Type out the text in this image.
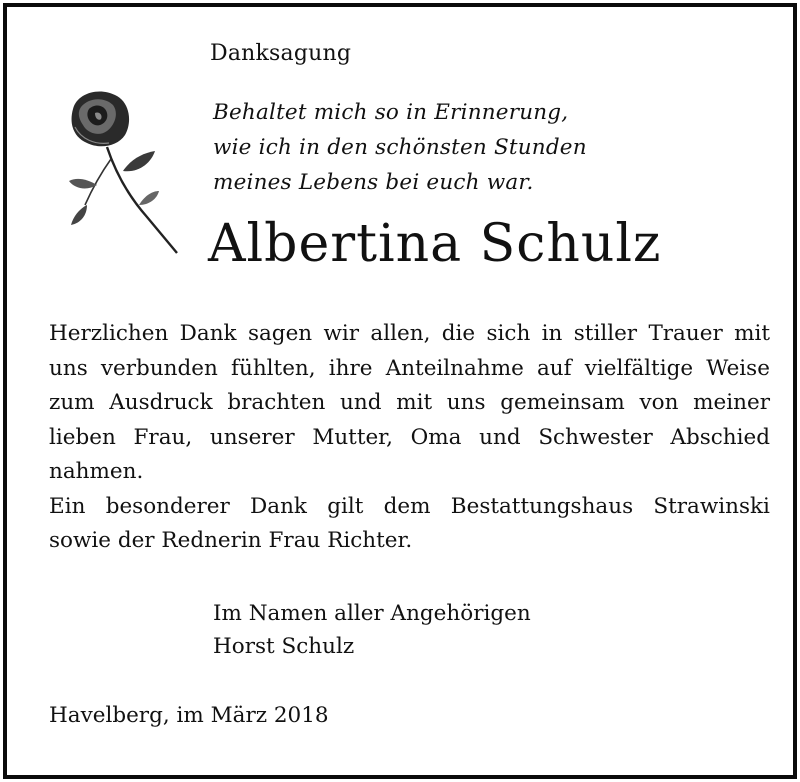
Danksagung
Behaltet mich so in Erinnerung,
wie ich in den schönsten Stunden
meines Lebens bei euch war.
Albertina Schulz
Herzlichen Dank sagen wir allen, die sich in stiller Trauer mit
uns verbunden fühlten, ihre Anteilnahme auf vielfältige Weise
zum Ausdruck brachten und mit uns gemeinsam von meiner
lieben Frau, unserer Mutter, Oma und Schwester Abschied
nahmen.
Ein besonderer Dank gilt dem Bestattungshaus Strawinski
sowie der Rednerin Frau Richter.
Im Namen aller Angehörigen
Horst Schulz
Havelberg, im März 2018
